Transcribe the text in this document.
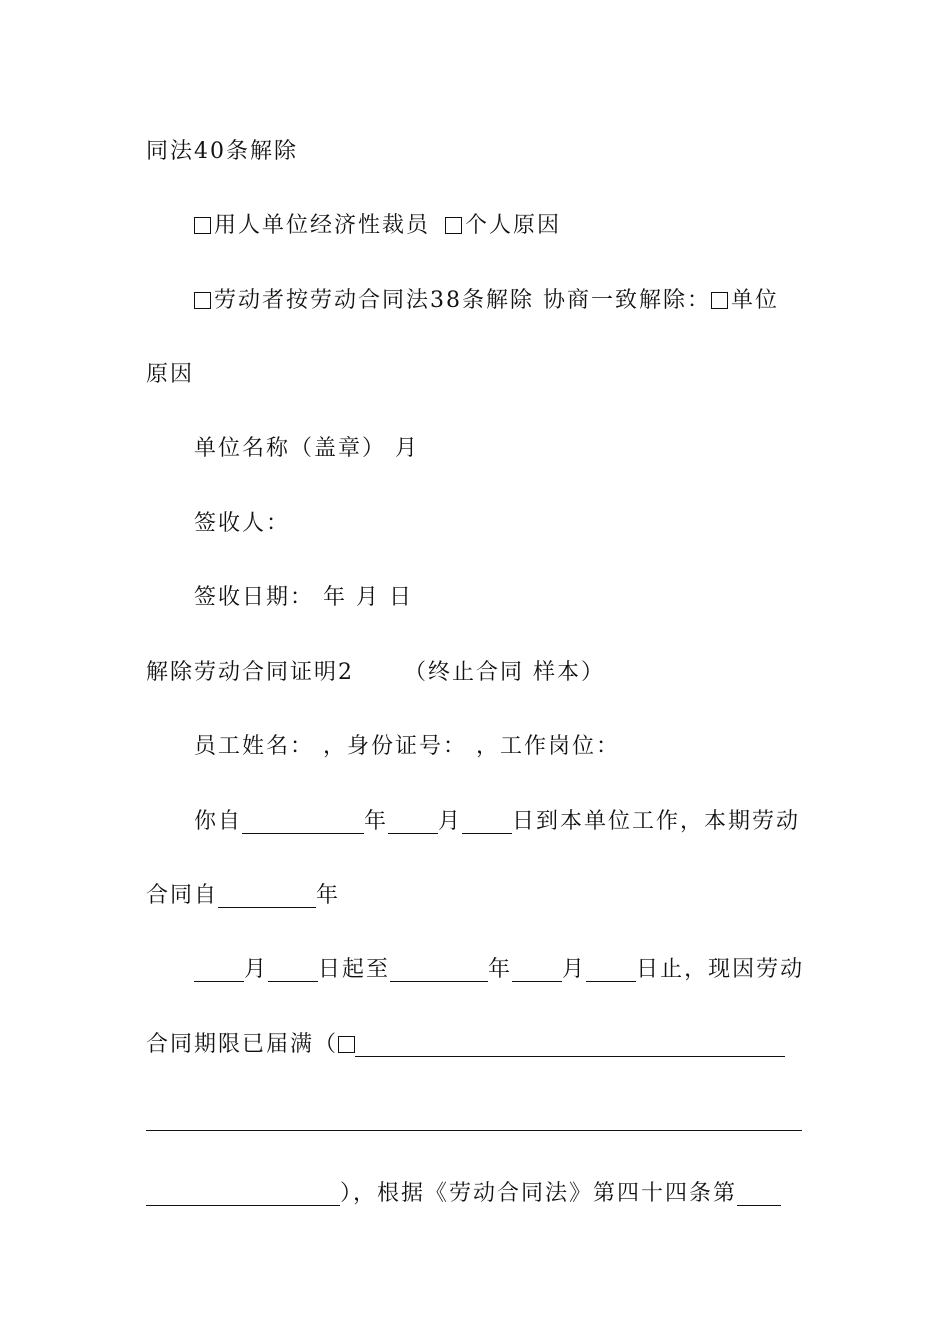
同法40条解除
用人单位经济性裁员 个人原因
劳动者按劳动合同法38条解除 协商一致解除： 单位
原因
单位名称（盖章） 月
签收人：
签收日期： 年 月 日
解除劳动合同证明2 （终止合同 样本）
员工姓名： ，身份证号： ，工作岗位：
你自	年 月 日到本单位工作，本期劳动
合同自	年
月 日起至	年 月 日止，现因劳动
合同期限已届满（
），根据《劳动合同法》第四十四条第
